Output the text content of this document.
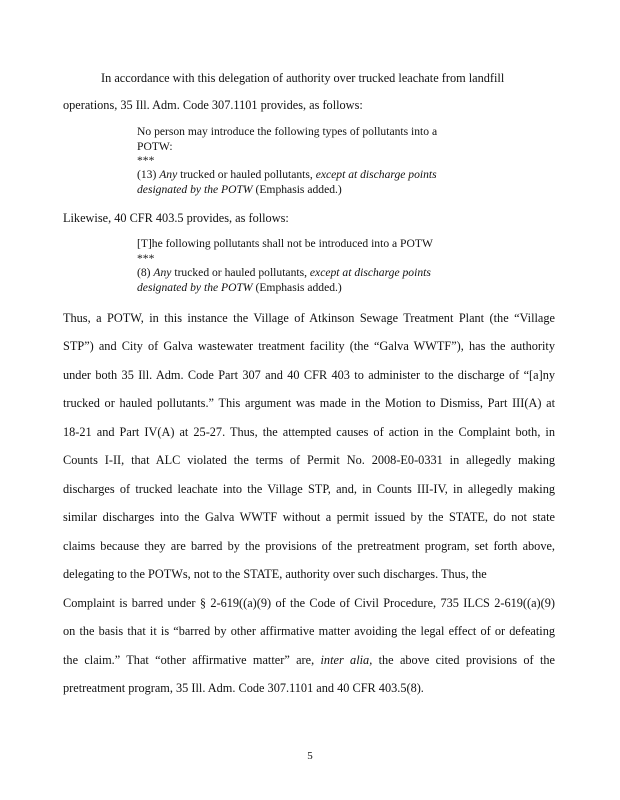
In accordance with this delegation of authority over trucked leachate from landfill
operations, 35 Ill. Adm. Code 307.1101 provides, as follows:
No person may introduce the following types of pollutants into a
POTW:
***
(13) Any trucked or hauled pollutants, except at discharge points
designated by the POTW (Emphasis added.)
Likewise, 40 CFR 403.5 provides, as follows:
[T]he following pollutants shall not be introduced into a POTW
***
(8) Any trucked or hauled pollutants, except at discharge points
designated by the POTW (Emphasis added.)
Thus, a POTW, in this instance the Village of Atkinson Sewage Treatment Plant (the “Village
STP”) and City of Galva wastewater treatment facility (the “Galva WWTF”), has the authority
under both 35 Ill. Adm. Code Part 307 and 40 CFR 403 to administer to the discharge of “[a]ny
trucked or hauled pollutants.” This argument was made in the Motion to Dismiss, Part III(A) at
18-21 and Part IV(A) at 25-27. Thus, the attempted causes of action in the Complaint both, in
Counts I-II, that ALC violated the terms of Permit No. 2008-E0-0331 in allegedly making
discharges of trucked leachate into the Village STP, and, in Counts III-IV, in allegedly making
similar discharges into the Galva WWTF without a permit issued by the STATE, do not state
claims because they are barred by the provisions of the pretreatment program, set forth above,
delegating to the POTWs, not to the STATE, authority over such discharges. Thus, the
Complaint is barred under § 2-619((a)(9) of the Code of Civil Procedure, 735 ILCS 2-619((a)(9)
on the basis that it is “barred by other affirmative matter avoiding the legal effect of or defeating
the claim.” That “other affirmative matter” are, inter alia, the above cited provisions of the
pretreatment program, 35 Ill. Adm. Code 307.1101 and 40 CFR 403.5(8).
5
